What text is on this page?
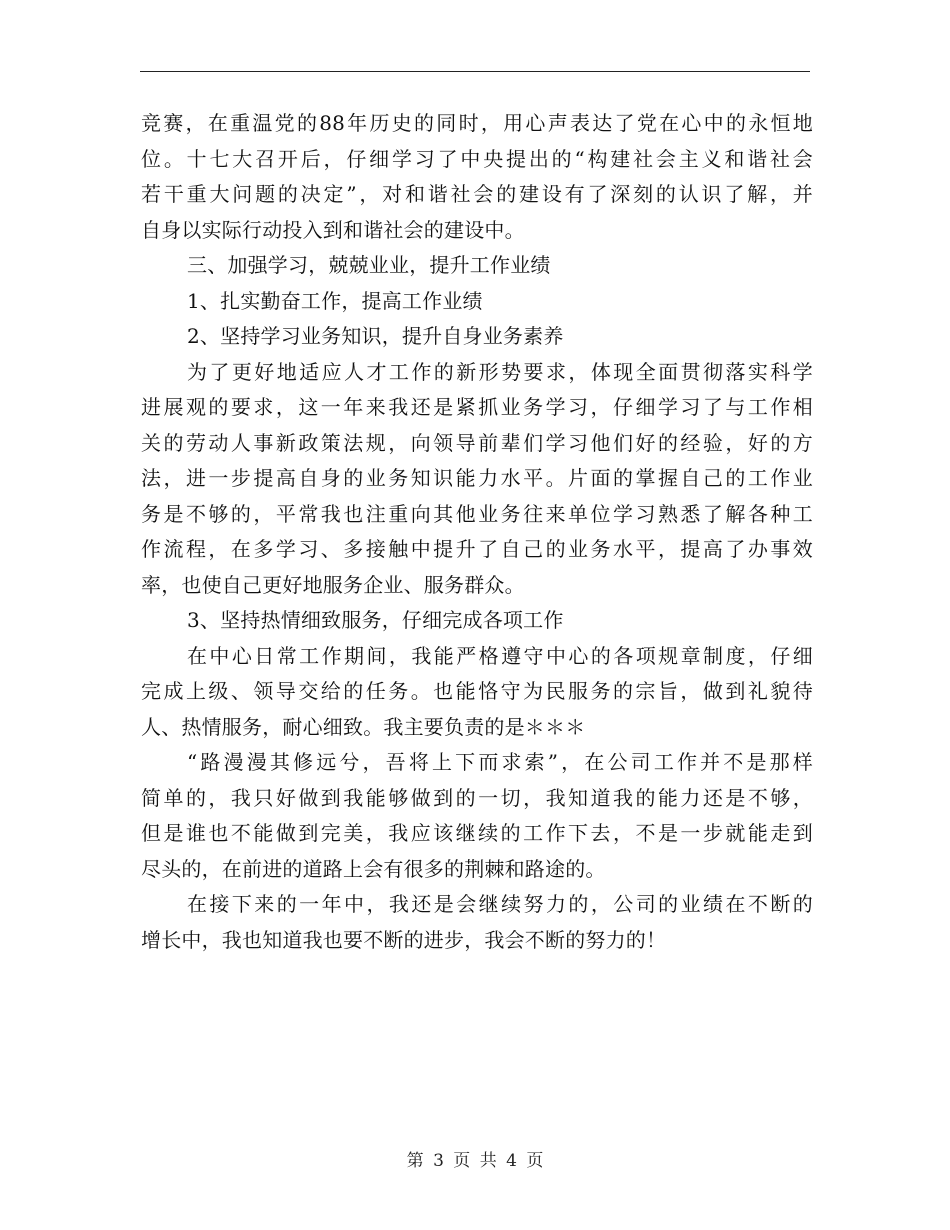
竞赛，在重温党的88年历史的同时，用心声表达了党在心中的永恒地
位。十七大召开后，仔细学习了中央提出的“构建社会主义和谐社会
若干重大问题的决定”，对和谐社会的建设有了深刻的认识了解，并
自身以实际行动投入到和谐社会的建设中。
三、加强学习，兢兢业业，提升工作业绩
1、扎实勤奋工作，提高工作业绩
2、坚持学习业务知识，提升自身业务素养
为了更好地适应人才工作的新形势要求，体现全面贯彻落实科学
进展观的要求，这一年来我还是紧抓业务学习，仔细学习了与工作相
关的劳动人事新政策法规，向领导前辈们学习他们好的经验，好的方
法，进一步提高自身的业务知识能力水平。片面的掌握自己的工作业
务是不够的，平常我也注重向其他业务往来单位学习熟悉了解各种工
作流程，在多学习、多接触中提升了自己的业务水平，提高了办事效
率，也使自己更好地服务企业、服务群众。
3、坚持热情细致服务，仔细完成各项工作
在中心日常工作期间，我能严格遵守中心的各项规章制度，仔细
完成上级、领导交给的任务。也能恪守为民服务的宗旨，做到礼貌待
人、热情服务，耐心细致。我主要负责的是＊＊＊
“路漫漫其修远兮，吾将上下而求索”，在公司工作并不是那样
简单的，我只好做到我能够做到的一切，我知道我的能力还是不够，
但是谁也不能做到完美，我应该继续的工作下去，不是一步就能走到
尽头的，在前进的道路上会有很多的荆棘和路途的。
在接下来的一年中，我还是会继续努力的，公司的业绩在不断的
增长中，我也知道我也要不断的进步，我会不断的努力的！
第 3 页 共 4 页
